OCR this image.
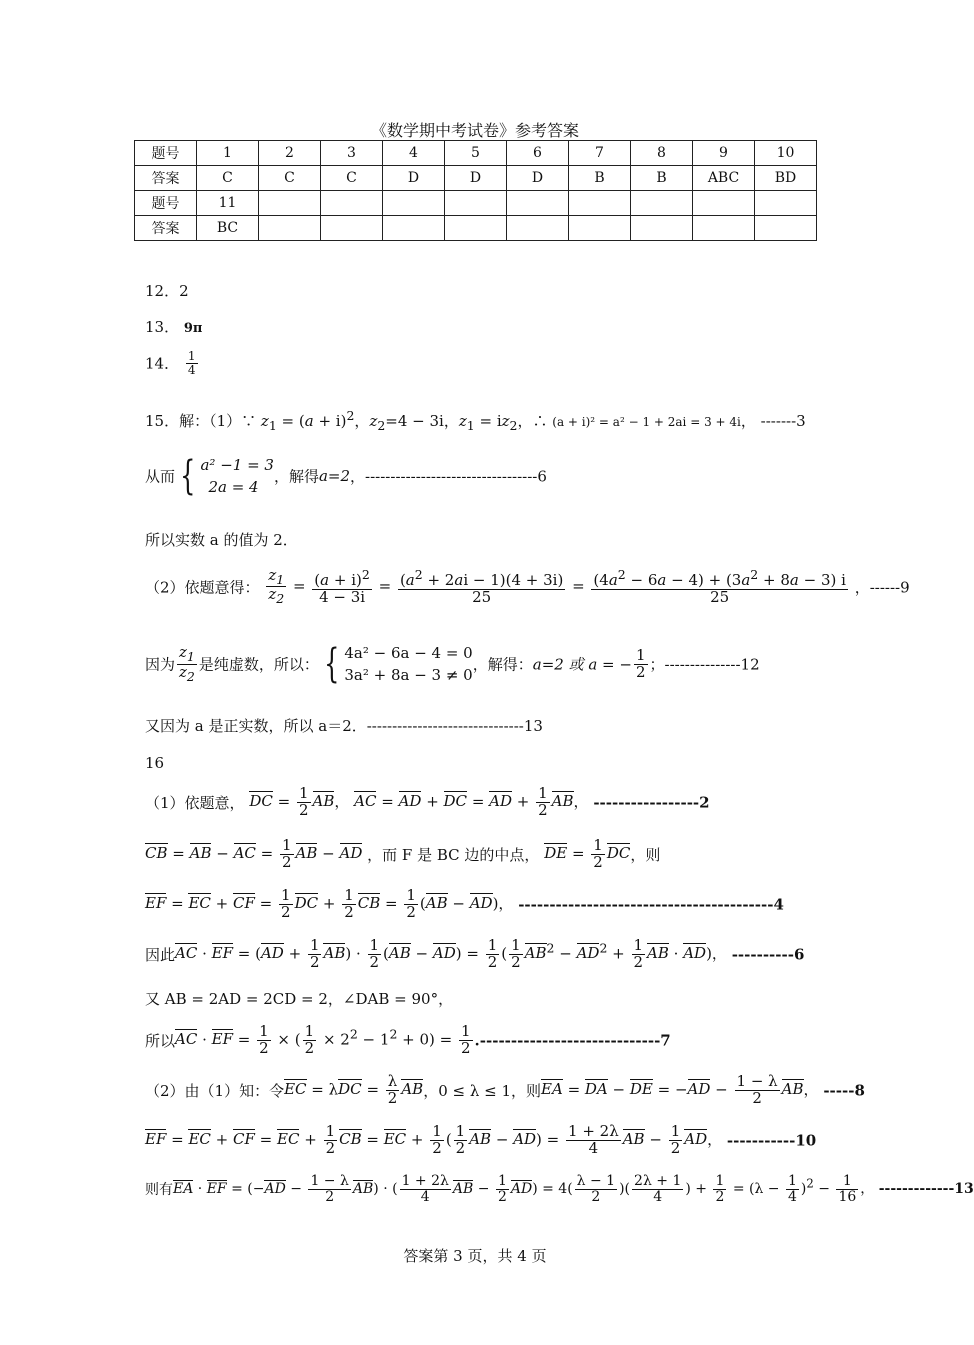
《数学期中考试卷》参考答案
题号	1	2	3	4	5	6	7	8	9	10
答案	C	C	C	D	D	D	B	B	ABC	BD
题号	11									
答案	BC									
12．2
13． 9π
14． $\frac{1}{4}$
15．解：（1）∵ $z_1 = (a + i)^2$，$z_2=4 - 3i$，$z_1 = iz_2$，∴ (a + i)² = a² − 1 + 2ai = 3 + 4i， -------3
从而 { a² −1 = 3
2a = 4
，解得a=2，----------------------------------6
所以实数 a 的值为 2．
（2）依题意得： $\frac{z_1}{z_2} = \frac{(a + i)^2}{4 - 3i} = \frac{(a^2 + 2ai - 1)(4 + 3i)}{25} = \frac{(4a^2 - 6a - 4) + (3a^2 + 8a - 3) i}{25}$ ，------9
因为 $\frac{z_1}{z_2}$ 是纯虚数，所以： { 4a² − 6a − 4 = 0
3a² + 8a − 3 ≠ 0
，解得：a=2 或 a = − $\frac{1}{2}$ ；---------------12
又因为 a 是正实数，所以 a＝2．-------------------------------13
16
（1）依题意， DC = $\frac{1}{2}$ AB， AC = AD + DC = AD + $\frac{1}{2}$ AB， -----------------2
CB = AB − AC = $\frac{1}{2}$ AB − AD ，而 F 是 BC 边的中点， DE = $\frac{1}{2}$ DC，则
EF = EC + CF = $\frac{1}{2}$ DC + $\frac{1}{2}$ CB = $\frac{1}{2} (AB - AD)$， -----------------------------------------4
因此AC · EF = $(AD + \frac{1}{2} AB) \cdot \frac{1}{2} (AB - AD) = \frac{1}{2}$ ( $\frac{1}{2} AB^2 - AD^2 + \frac{1}{2}$ AB · AD)， ----------6
又 AB = 2AD = 2CD = 2，∠DAB = 90°，
所以AC · EF = $\frac{1}{2}$ × ( $\frac{1}{2} \times 2^2 - 1^2 + 0) = \frac{1}{2} .-----------------------------7$
（2）由（1）知：令EC = $\lambda DC = \frac{\lambda}{2}$ AB，0 ≤ λ ≤ 1，则EA = DA − DE = $-AD - \frac{1 - \lambda}{2}$ AB， -----8
EF = EC + CF = EC + $\frac{1}{2}$ CB = EC + $\frac{1}{2}$ ( $\frac{1}{2}$ AB − $AD) = \frac{1 + 2\lambda}{4}$ AB − $\frac{1}{2}$ AD， -----------10
则有EA · EF = $(-AD - \frac{1 - \lambda}{2} AB)$ · ( $\frac{1 + 2\lambda}{4}$ AB − $\frac{1}{2} AD) = 4( \frac{\lambda - 1}{2}$ )( $\frac{2\lambda + 1}{4}$ ) + $\frac{1}{2} = (\lambda - \frac{1}{4} )^2 - \frac{1}{16}$ ， -------------13
答案第 3 页，共 4 页
